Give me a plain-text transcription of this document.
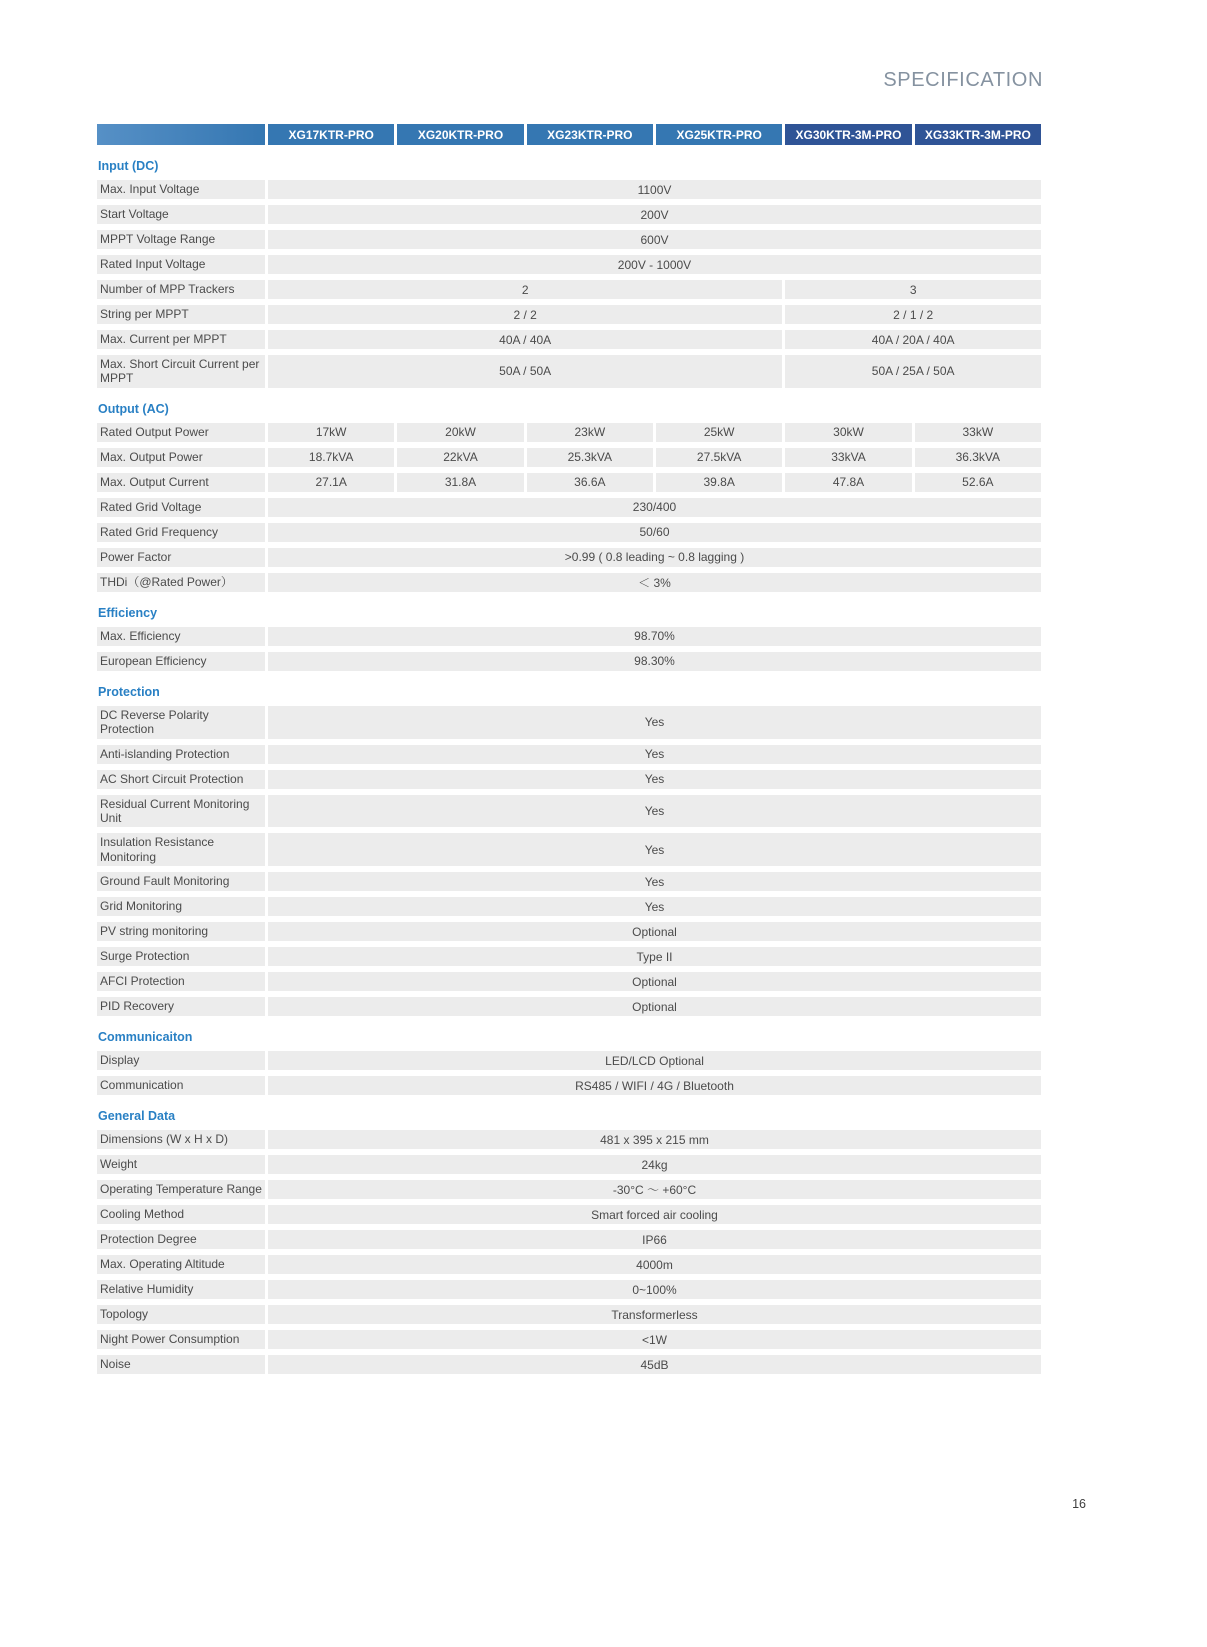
SPECIFICATION
XG17KTR-PRO	XG20KTR-PRO	XG23KTR-PRO	XG25KTR-PRO	XG30KTR-3M-PRO	XG33KTR-3M-PRO
Input (DC)
Max. Input Voltage	1100V
Start Voltage	200V
MPPT Voltage Range	600V
Rated Input Voltage	200V - 1000V
Number of MPP Trackers	2	3
String per MPPT	2 / 2	2 / 1 / 2
Max. Current per MPPT	40A / 40A	40A / 20A / 40A
Max. Short Circuit Current per MPPT	50A / 50A	50A / 25A / 50A
Output (AC)
Rated Output Power	17kW	20kW	23kW	25kW	30kW	33kW
Max. Output Power	18.7kVA	22kVA	25.3kVA	27.5kVA	33kVA	36.3kVA
Max. Output Current	27.1A	31.8A	36.6A	39.8A	47.8A	52.6A
Rated Grid Voltage	230/400
Rated Grid Frequency	50/60
Power Factor	>0.99 ( 0.8 leading ~ 0.8 lagging )
THDi（@Rated Power）	＜ 3%
Efficiency
Max. Efficiency	98.70%
European Efficiency	98.30%
Protection
DC Reverse Polarity Protection	Yes
Anti-islanding Protection	Yes
AC Short Circuit Protection	Yes
Residual Current Monitoring Unit	Yes
Insulation Resistance Monitoring	Yes
Ground Fault Monitoring	Yes
Grid Monitoring	Yes
PV string monitoring	Optional
Surge Protection	Type II
AFCI Protection	Optional
PID Recovery	Optional
Communicaiton
Display	LED/LCD Optional
Communication	RS485 / WIFI / 4G / Bluetooth
General Data
Dimensions (W x H x D)	481 x 395 x 215 mm
Weight	24kg
Operating Temperature Range	-30°C ～ +60°C
Cooling Method	Smart forced air cooling
Protection Degree	IP66
Max. Operating Altitude	4000m
Relative Humidity	0~100%
Topology	Transformerless
Night Power Consumption	<1W
Noise	45dB
16
